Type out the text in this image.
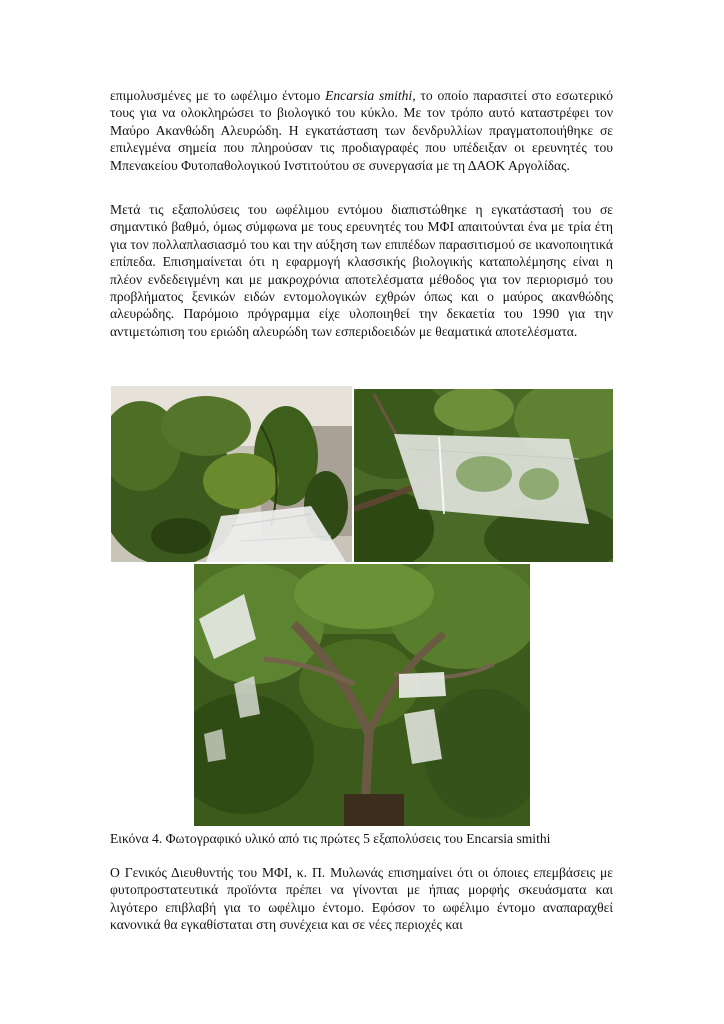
επιμολυσμένες με το ωφέλιμο έντομο Encarsia smithi, το οποίο παρασιτεί στο εσωτερικό τους για να ολοκληρώσει το βιολογικό του κύκλο. Με τον τρόπο αυτό καταστρέφει τον Μαύρο Ακανθώδη Αλευρώδη. Η εγκατάσταση των δενδρυλλίων πραγματοποιήθηκε σε επιλεγμένα σημεία που πληρούσαν τις προδιαγραφές που υπέδειξαν οι ερευνητές του Μπενακείου Φυτοπαθολογικού Ινστιτούτου σε συνεργασία με τη ΔΑΟΚ Αργολίδας.

Μετά τις εξαπολύσεις του ωφέλιμου εντόμου διαπιστώθηκε η εγκατάστασή του σε σημαντικό βαθμό, όμως σύμφωνα με τους ερευνητές του ΜΦΙ απαιτούνται ένα με τρία έτη για τον πολλαπλασιασμό του και την αύξηση των επιπέδων παρασιτισμού σε ικανοποιητικά επίπεδα. Επισημαίνεται ότι η εφαρμογή κλασσικής βιολογικής καταπολέμησης είναι η πλέον ενδεδειγμένη και με μακροχρόνια αποτελέσματα μέθοδος για τον περιορισμό του προβλήματος ξενικών ειδών εντομολογικών εχθρών όπως και ο μαύρος ακανθώδης αλευρώδης. Παρόμοιο πρόγραμμα είχε υλοποιηθεί την δεκαετία του 1990 για την αντιμετώπιση του εριώδη αλευρώδη των εσπεριδοειδών με θεαματικά αποτελέσματα.

Εικόνα 4. Φωτογραφικό υλικό από τις πρώτες 5 εξαπολύσεις του Encarsia smithi

Ο Γενικός Διευθυντής του ΜΦΙ, κ. Π. Μυλωνάς επισημαίνει ότι οι όποιες επεμβάσεις με φυτοπροστατευτικά προϊόντα πρέπει να γίνονται με ήπιας μορφής σκευάσματα και λιγότερο επιβλαβή για το ωφέλιμο έντομο. Εφόσον το ωφέλιμο έντομο αναπαραχθεί κανονικά θα εγκαθίσταται στη συνέχεια και σε νέες περιοχές και
